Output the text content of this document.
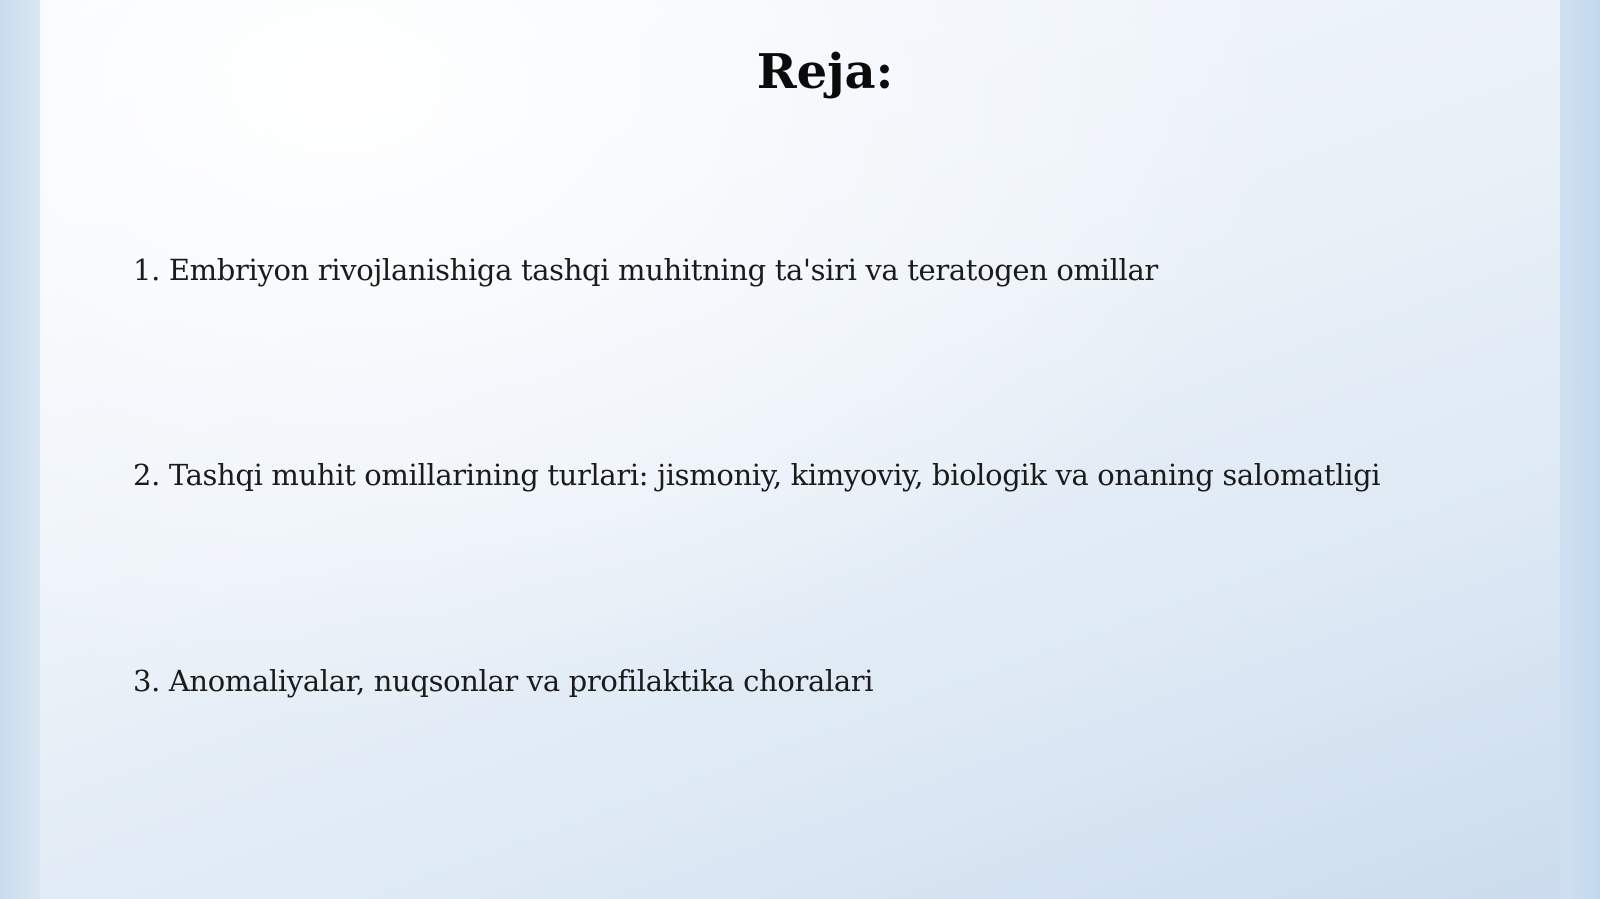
Reja:
1. Embriyon rivojlanishiga tashqi muhitning ta'siri va teratogen omillar
2. Tashqi muhit omillarining turlari: jismoniy, kimyoviy, biologik va onaning salomatligi
3. Anomaliyalar, nuqsonlar va profilaktika choralari
